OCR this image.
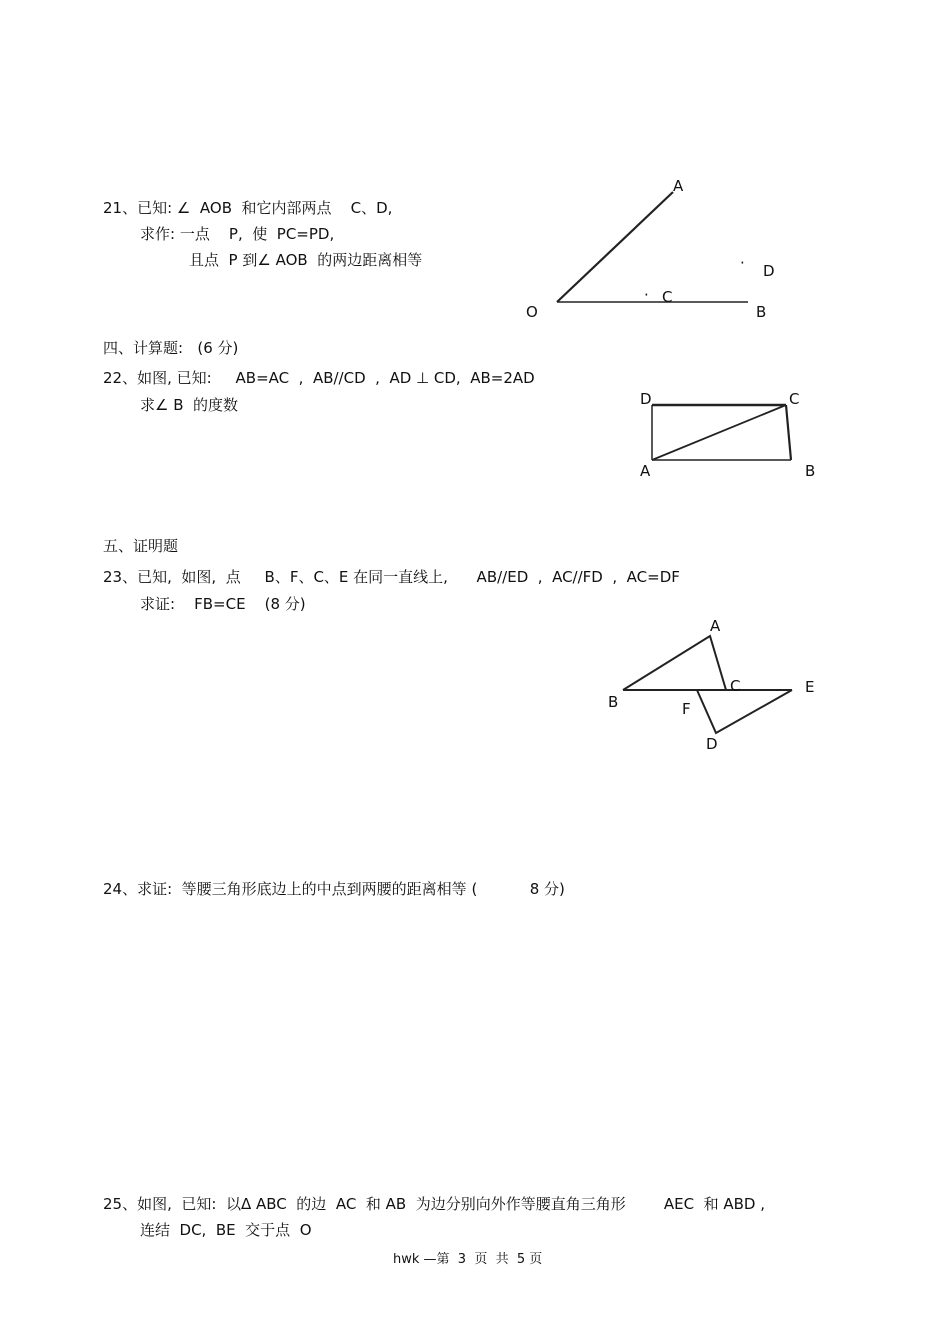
21、已知: ∠  AOB  和它内部两点    C、D,
求作: 一点    P,  使  PC=PD,
且点  P 到∠ AOB  的两边距离相等
A
O	B
· C
· D
四、计算题:   (6 分)
22、如图, 已知:     AB=AC  ,  AB//CD  ,  AD ⊥ CD,  AB=2AD
求∠ B  的度数	D	C
A	B
五、证明题
23、已知,  如图,  点     B、F、C、E 在同一直线上,      AB//ED  ,  AC//FD  ,  AC=DF
求证:    FB=CE    (8 分)
A
B
C	E
F
D
24、求证:  等腰三角形底边上的中点到两腰的距离相等 (           8 分)
25、如图,  已知:  以Δ ABC  的边  AC  和 AB  为边分别向外作等腰直角三角形        AEC  和 ABD ,
连结  DC,  BE  交于点  O
hwk —第  3  页  共  5 页
